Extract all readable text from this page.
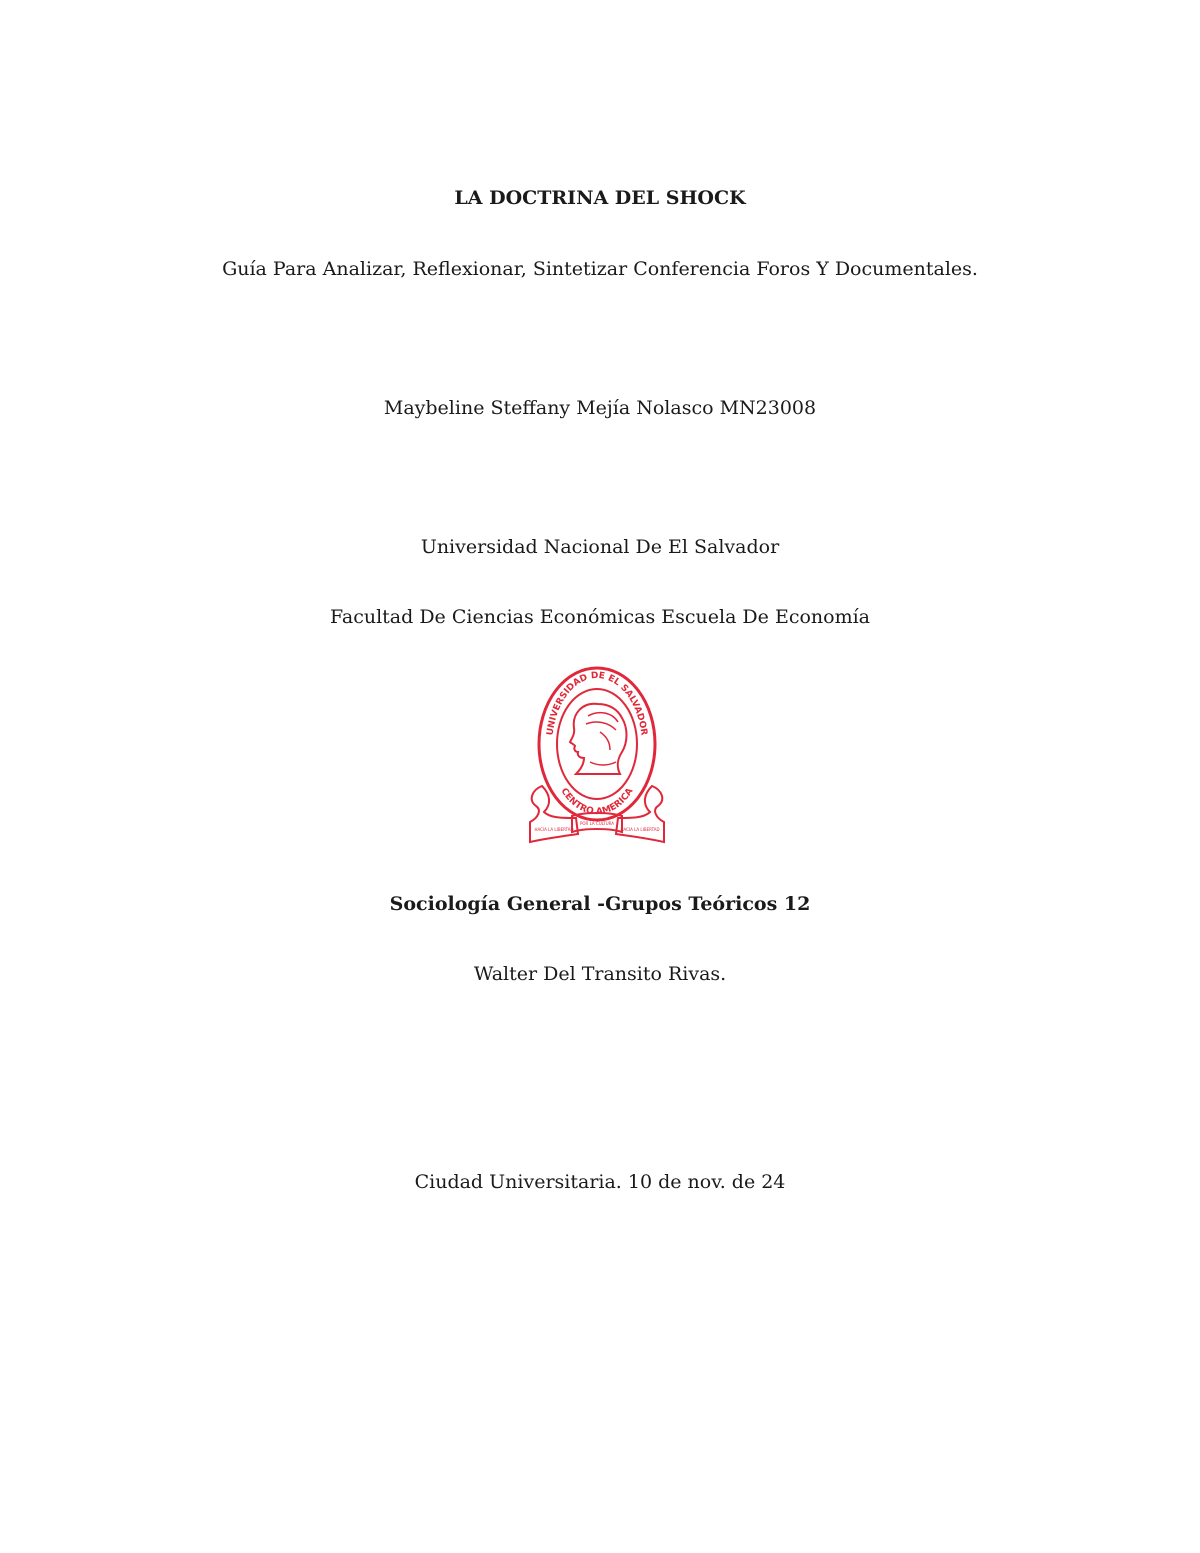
LA DOCTRINA DEL SHOCK
Guía Para Analizar, Reflexionar, Sintetizar Conferencia Foros Y Documentales.
Maybeline Steffany Mejía Nolasco MN23008
Universidad Nacional De El Salvador
Facultad De Ciencias Económicas Escuela De Economía
UNIVERSIDAD DE EL SALVADOR
CENTRO AMERICA
HACIA LA LIBERTAD
POR LA CULTURA
HACIA LA LIBERTAD
Sociología General -Grupos Teóricos 12
Walter Del Transito Rivas.
Ciudad Universitaria. 10 de nov. de 24
